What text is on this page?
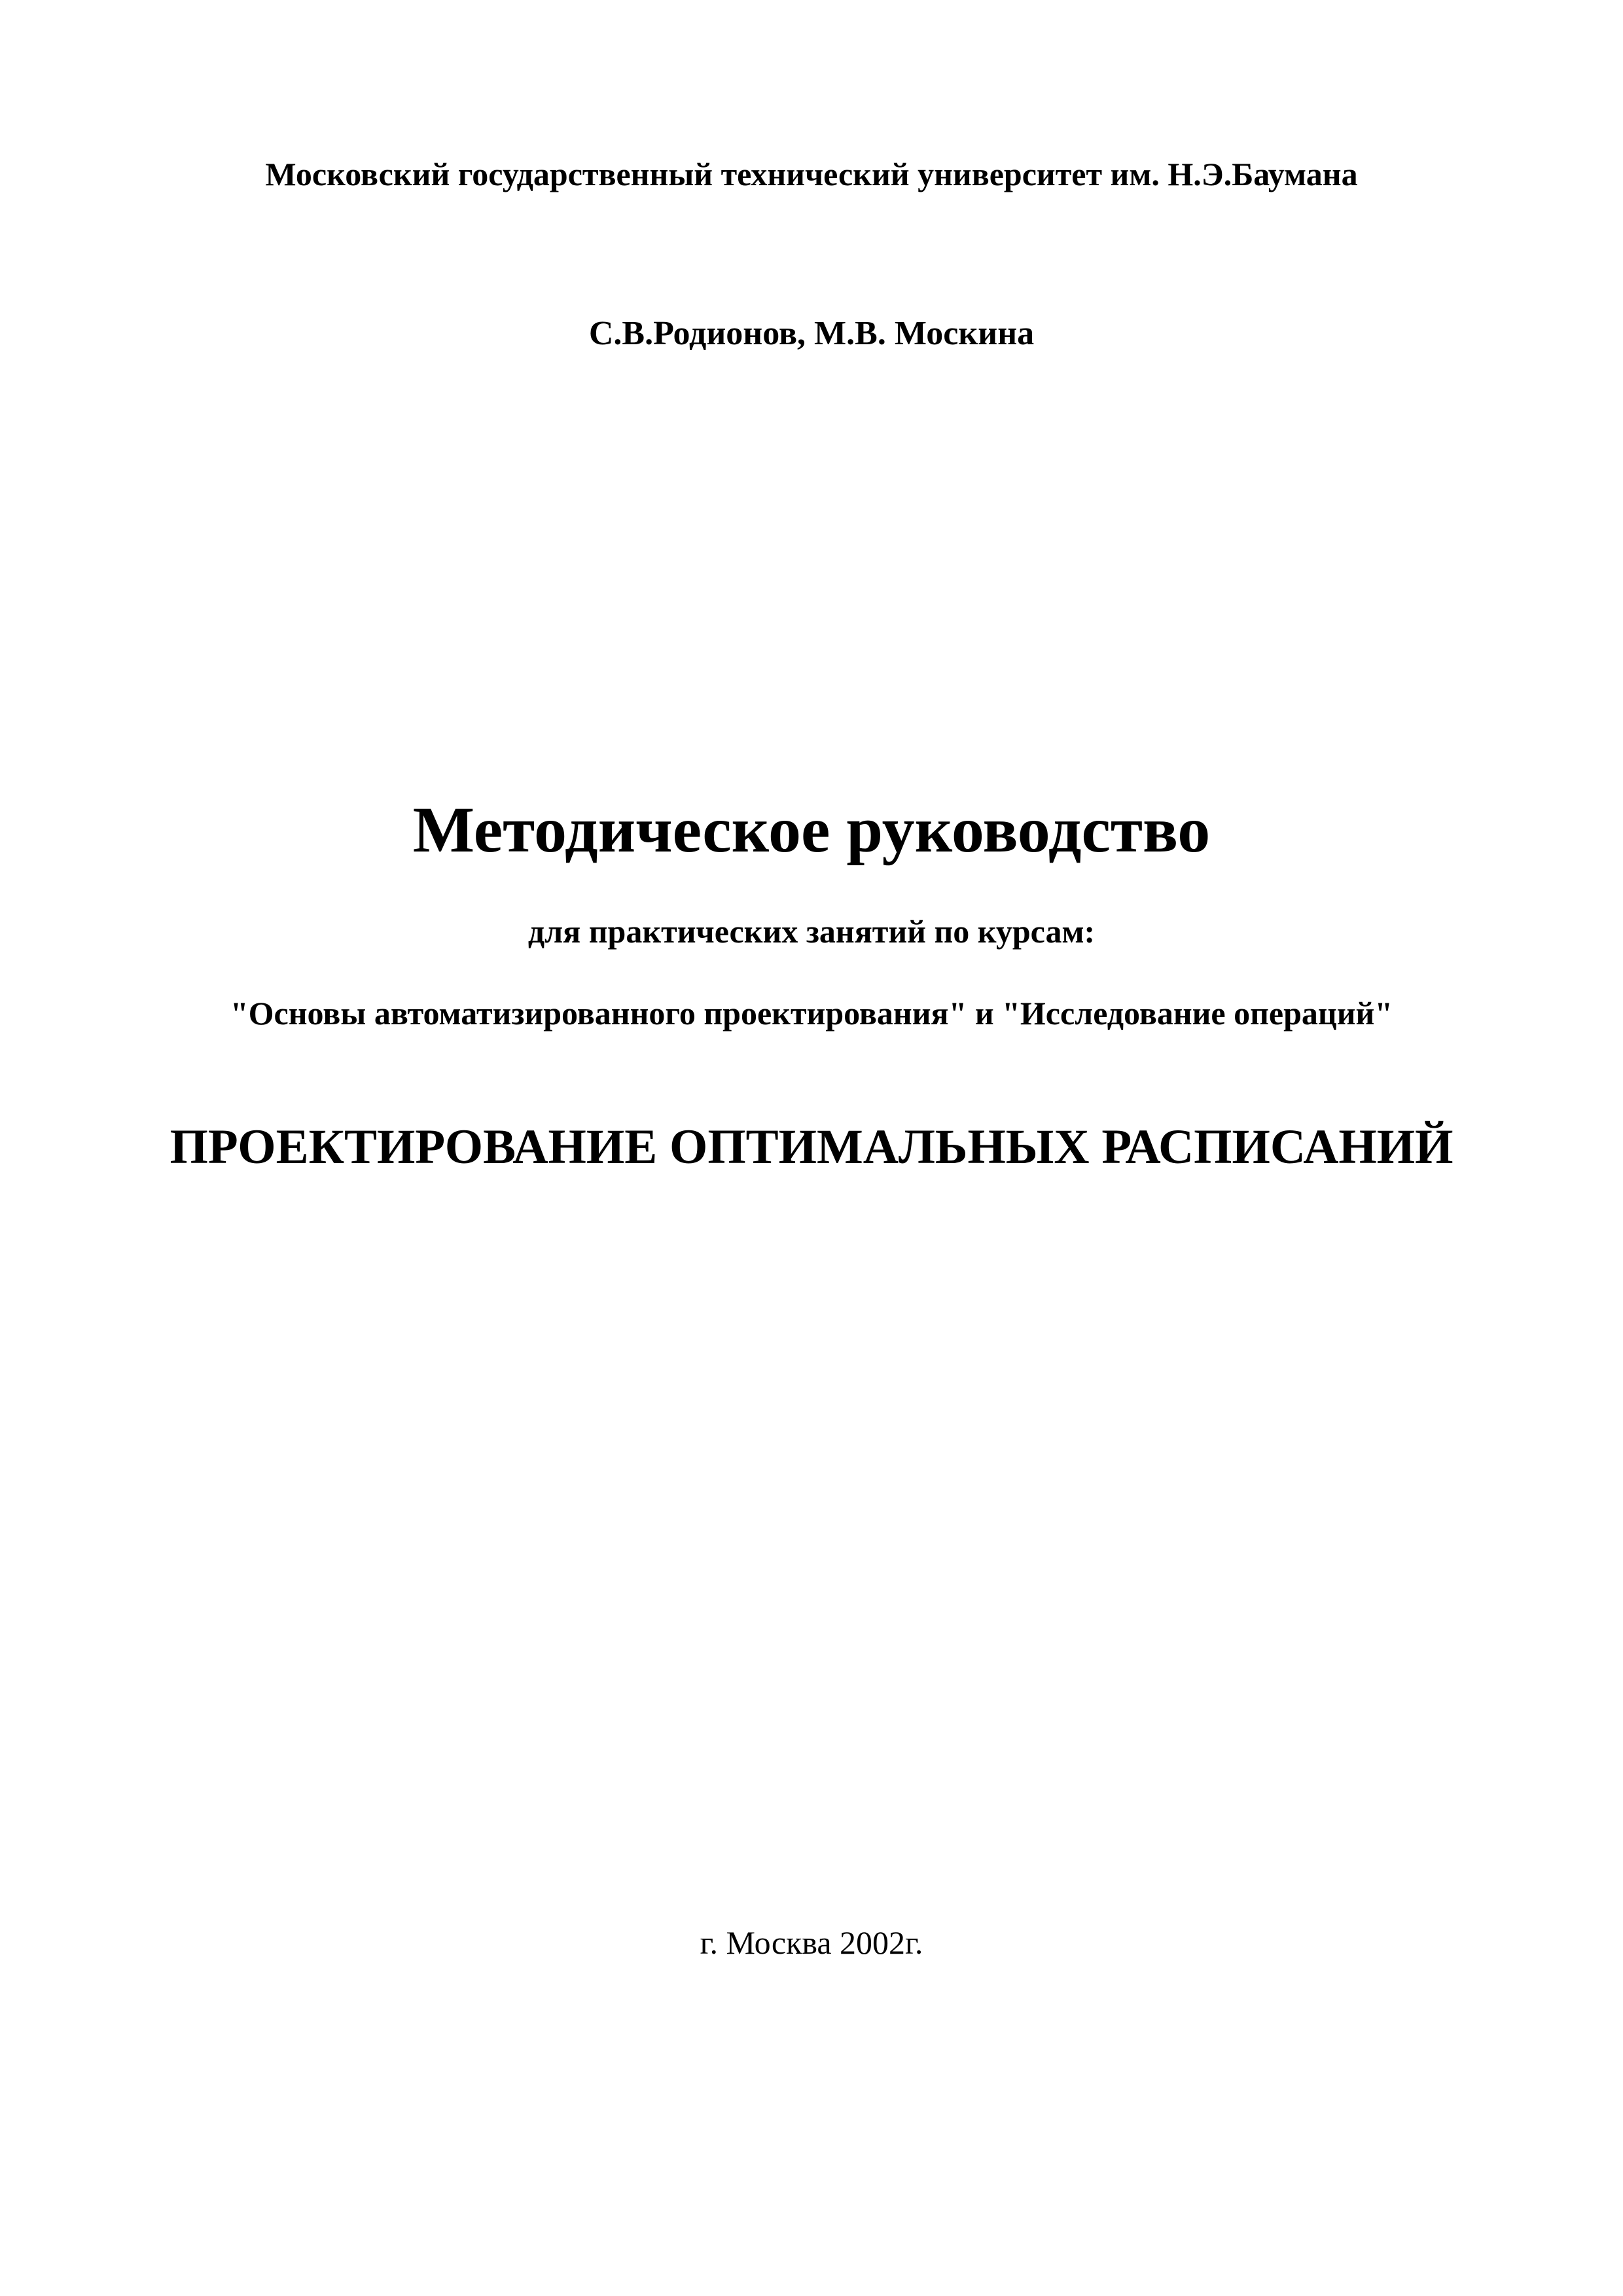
Московский государственный технический университет им. Н.Э.Баумана
С.В.Родионов, М.В. Москина
Методическое руководство
для практических занятий по курсам:
"Основы автоматизированного проектирования" и "Исследование операций"
ПРОЕКТИРОВАНИЕ ОПТИМАЛЬНЫХ РАСПИСАНИЙ
г. Москва 2002г.
